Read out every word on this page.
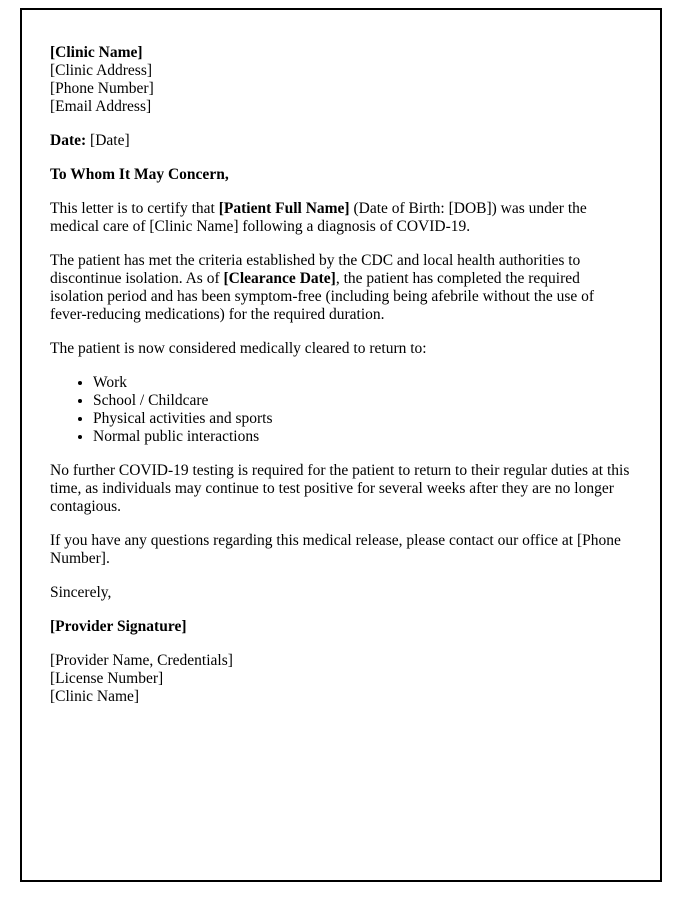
[Clinic Name]
[Clinic Address]
[Phone Number]
[Email Address]

Date: [Date]

To Whom It May Concern,

This letter is to certify that [Patient Full Name] (Date of Birth: [DOB]) was under the medical care of [Clinic Name] following a diagnosis of COVID-19.

The patient has met the criteria established by the CDC and local health authorities to discontinue isolation. As of [Clearance Date], the patient has completed the required isolation period and has been symptom-free (including being afebrile without the use of fever-reducing medications) for the required duration.

The patient is now considered medically cleared to return to:

• Work
• School / Childcare
• Physical activities and sports
• Normal public interactions

No further COVID-19 testing is required for the patient to return to their regular duties at this time, as individuals may continue to test positive for several weeks after they are no longer contagious.

If you have any questions regarding this medical release, please contact our office at [Phone Number].

Sincerely,

[Provider Signature]

[Provider Name, Credentials]
[License Number]
[Clinic Name]
